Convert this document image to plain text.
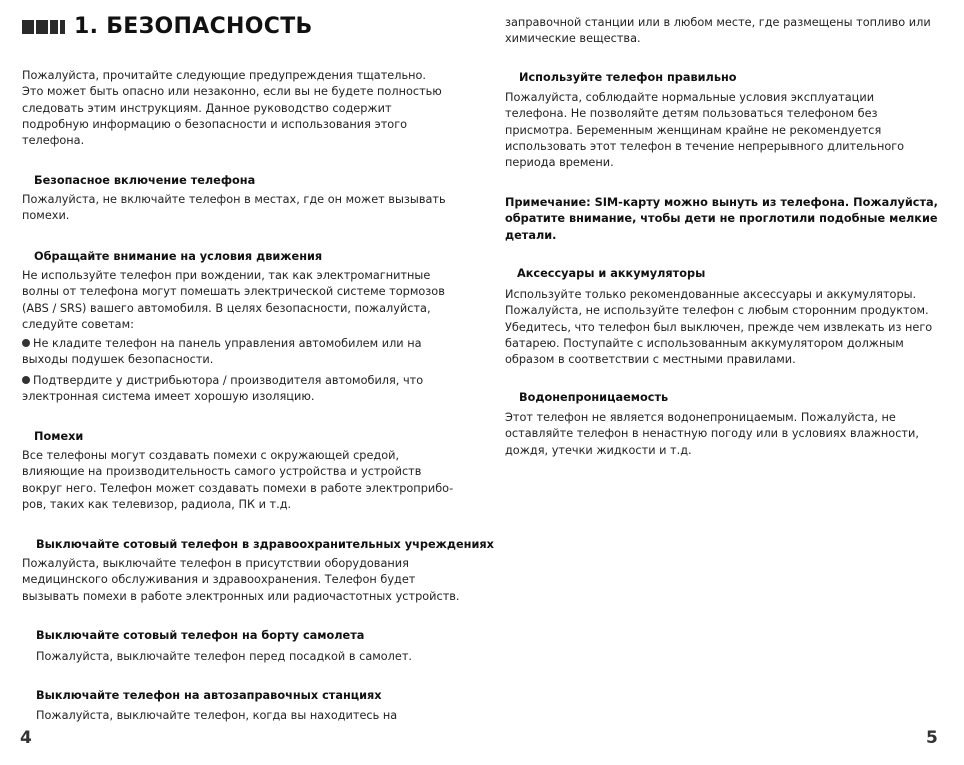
1. БЕЗОПАСНОСТЬ
Пожалуйста, прочитайте следующие предупреждения тщательно.
Это может быть опасно или незаконно, если вы не будете полностью
следовать этим инструкциям. Данное руководство содержит
подробную информацию о безопасности и использования этого
телефона.
Безопасное включение телефона
Пожалуйста, не включайте телефон в местах, где он может вызывать
помехи.
Обращайте внимание на условия движения
Не используйте телефон при вождении, так как электромагнитные
волны от телефона могут помешать электрической системе тормозов
(ABS / SRS) вашего автомобиля. В целях безопасности, пожалуйста,
следуйте советам:
Не кладите телефон на панель управления автомобилем или на
выходы подушек безопасности.
Подтвердите у дистрибьютора / производителя автомобиля, что
электронная система имеет хорошую изоляцию.
Помехи
Все телефоны могут создавать помехи с окружающей средой,
влияющие на производительность самого устройства и устройств
вокруг него. Телефон может создавать помехи в работе электроприбо-
ров, таких как телевизор, радиола, ПК и т.д.
Выключайте сотовый телефон в здравоохранительных учреждениях
Пожалуйста, выключайте телефон в присутствии оборудования
медицинского обслуживания и здравоохранения. Телефон будет
вызывать помехи в работе электронных или радиочастотных устройств.
Выключайте сотовый телефон на борту самолета
Пожалуйста, выключайте телефон перед посадкой в самолет.
Выключайте телефон на автозаправочных станциях
Пожалуйста, выключайте телефон, когда вы находитесь на
4
заправочной станции или в любом месте, где размещены топливо или
химические вещества.
Используйте телефон правильно
Пожалуйста, соблюдайте нормальные условия эксплуатации
телефона. Не позволяйте детям пользоваться телефоном без
присмотра. Беременным женщинам крайне не рекомендуется
использовать этот телефон в течение непрерывного длительного
периода времени.
Примечание: SIM-карту можно вынуть из телефона. Пожалуйста,
обратите внимание, чтобы дети не проглотили подобные мелкие
детали.
Аксессуары и аккумуляторы
Используйте только рекомендованные аксессуары и аккумуляторы.
Пожалуйста, не используйте телефон с любым сторонним продуктом.
Убедитесь, что телефон был выключен, прежде чем извлекать из него
батарею. Поступайте с использованным аккумулятором должным
образом в соответствии с местными правилами.
Водонепроницаемость
Этот телефон не является водонепроницаемым. Пожалуйста, не
оставляйте телефон в ненастную погоду или в условиях влажности,
дождя, утечки жидкости и т.д.
5
